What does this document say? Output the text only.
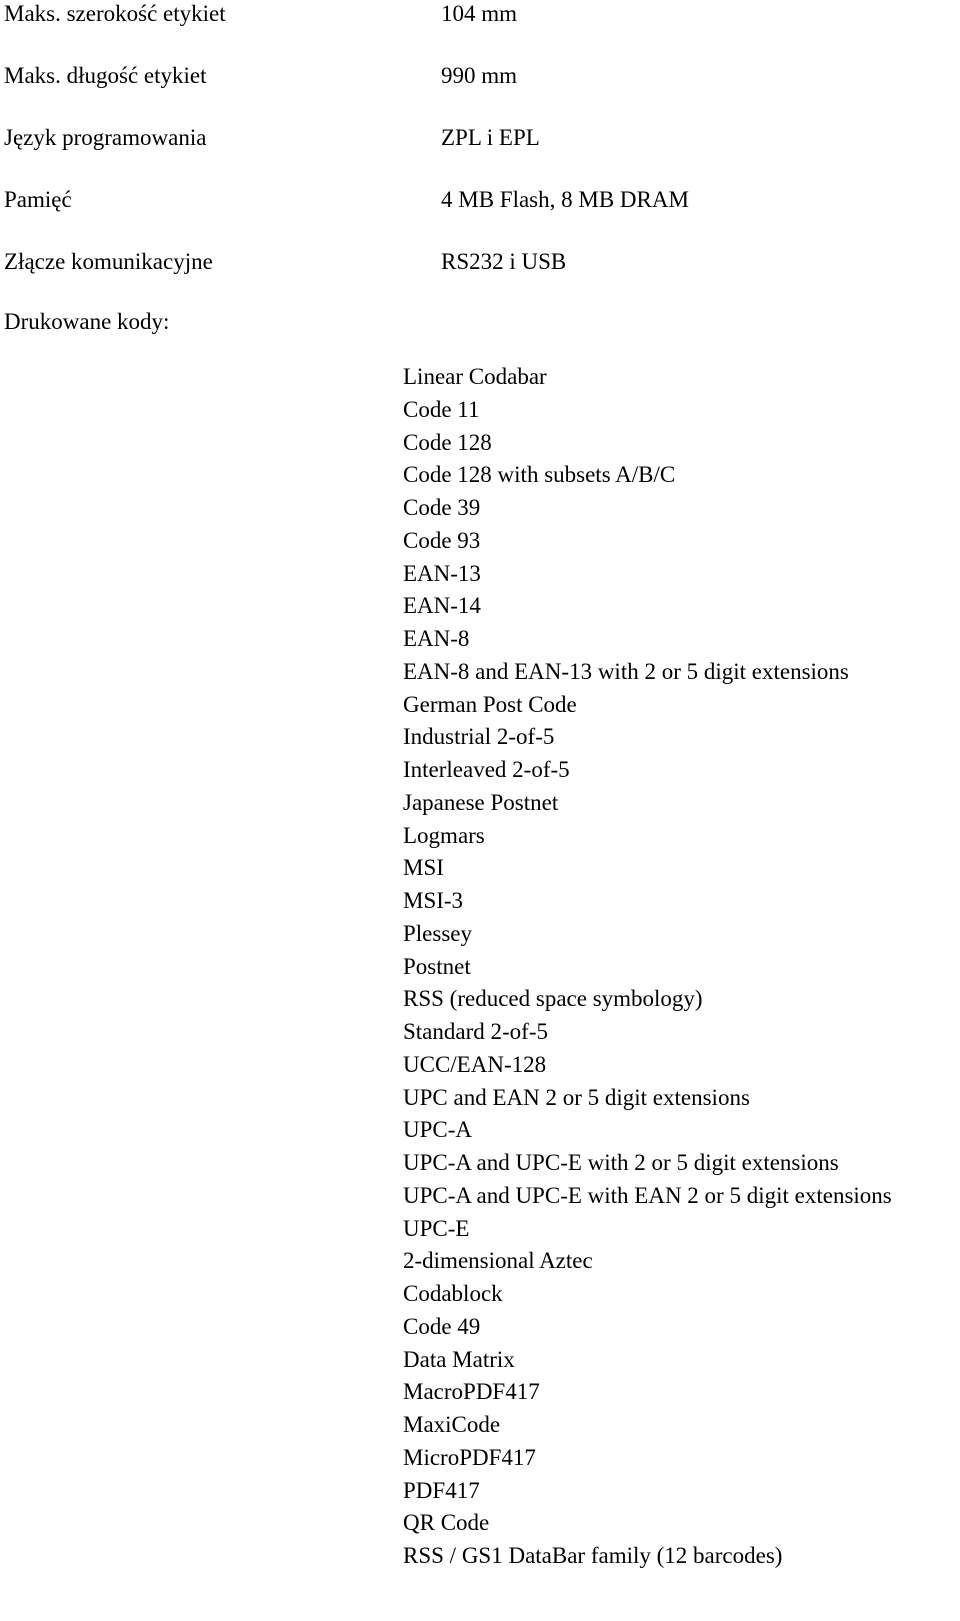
Maks. szerokość etykiet	104 mm
Maks. długość etykiet	990 mm
Język programowania	ZPL i EPL
Pamięć	4 MB Flash, 8 MB DRAM
Złącze komunikacyjne	RS232 i USB
Drukowane kody:
Linear Codabar
Code 11
Code 128
Code 128 with subsets A/B/C
Code 39
Code 93
EAN-13
EAN-14
EAN-8
EAN-8 and EAN-13 with 2 or 5 digit extensions
German Post Code
Industrial 2-of-5
Interleaved 2-of-5
Japanese Postnet
Logmars
MSI
MSI-3
Plessey
Postnet
RSS (reduced space symbology)
Standard 2-of-5
UCC/EAN-128
UPC and EAN 2 or 5 digit extensions
UPC-A
UPC-A and UPC-E with 2 or 5 digit extensions
UPC-A and UPC-E with EAN 2 or 5 digit extensions
UPC-E
2-dimensional Aztec
Codablock
Code 49
Data Matrix
MacroPDF417
MaxiCode
MicroPDF417
PDF417
QR Code
RSS / GS1 DataBar family (12 barcodes)
